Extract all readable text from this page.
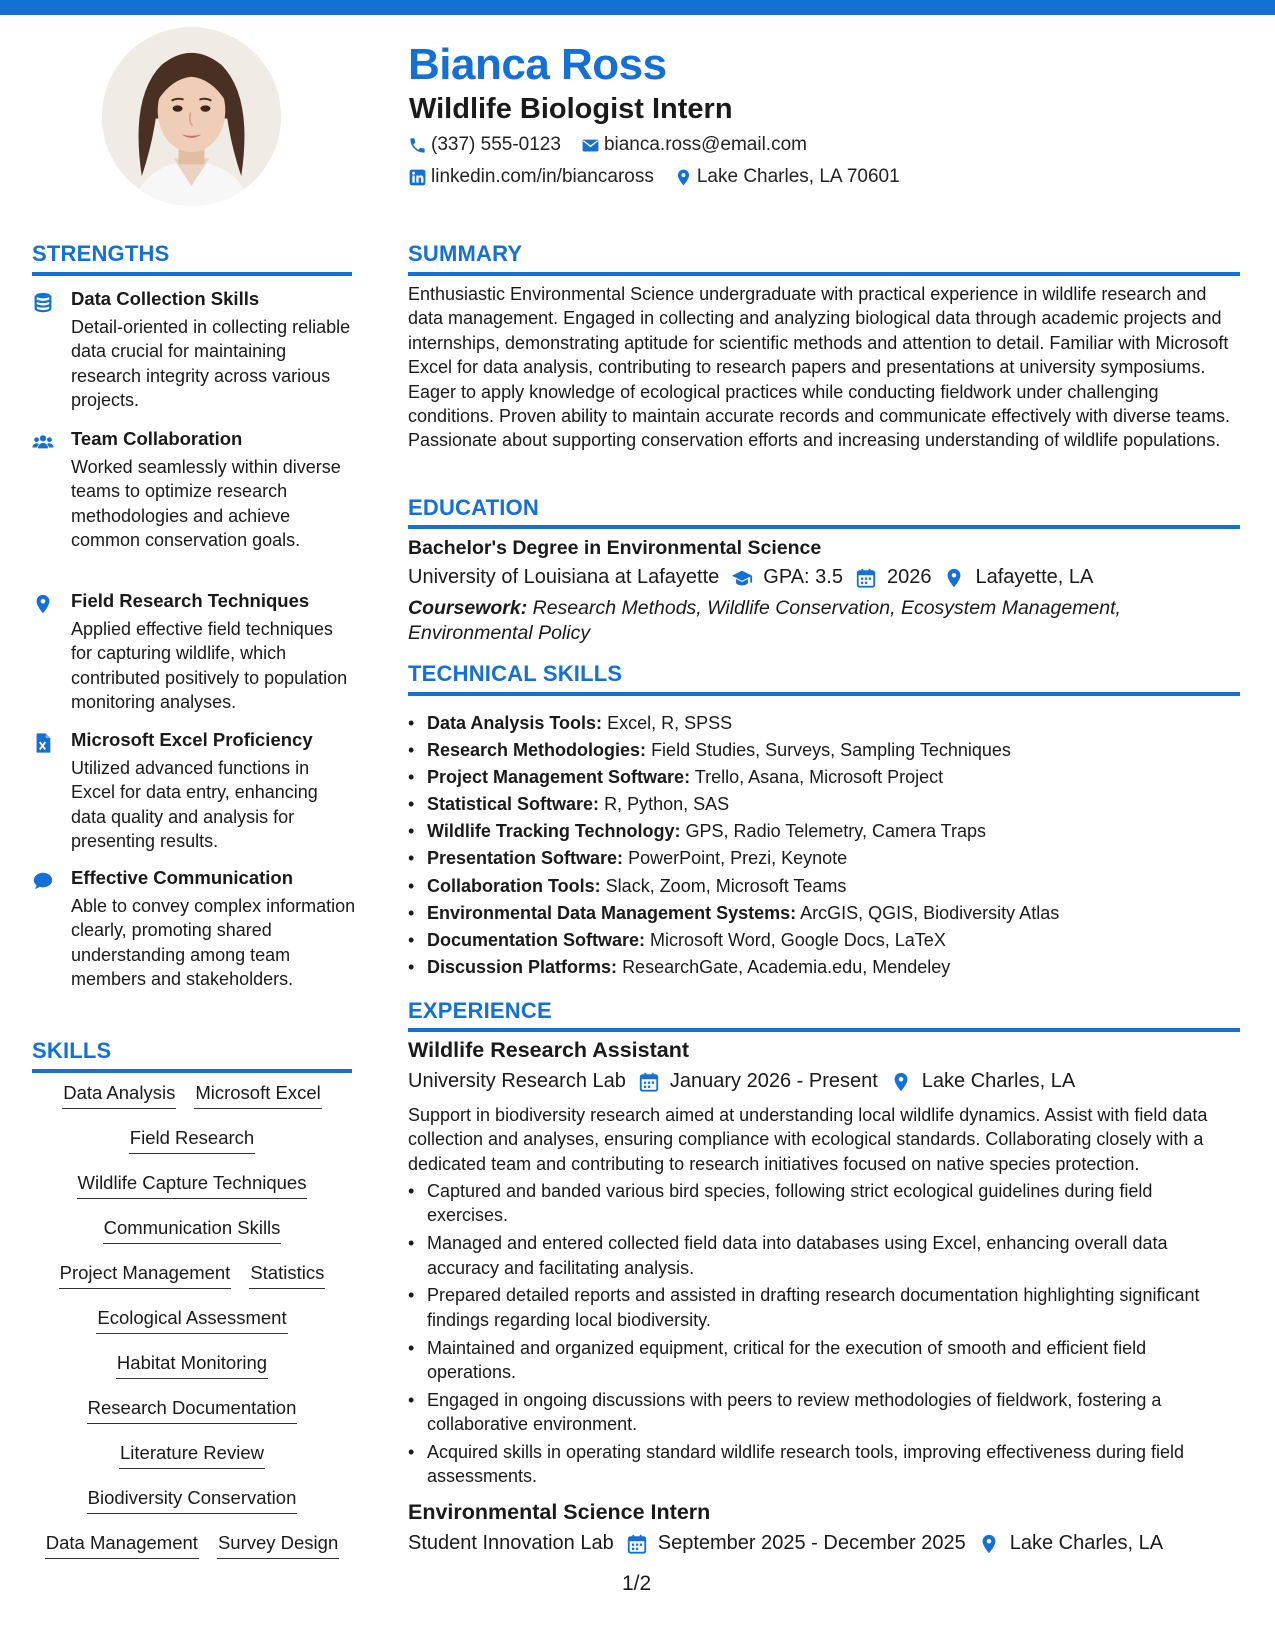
Bianca Ross
Wildlife Biologist Intern
(337) 555-0123 bianca.ross@email.com
linkedin.com/in/biancaross Lake Charles, LA 70601
STRENGTHS
Data Collection Skills
Detail-oriented in collecting reliable data crucial for maintaining research integrity across various projects.
Team Collaboration
Worked seamlessly within diverse teams to optimize research methodologies and achieve common conservation goals.
Field Research Techniques
Applied effective field techniques for capturing wildlife, which contributed positively to population monitoring analyses.
Microsoft Excel Proficiency
Utilized advanced functions in Excel for data entry, enhancing data quality and analysis for presenting results.
Effective Communication
Able to convey complex information clearly, promoting shared understanding among team members and stakeholders.
SKILLS
Data Analysis Microsoft Excel
Field Research
Wildlife Capture Techniques
Communication Skills
Project Management Statistics
Ecological Assessment
Habitat Monitoring
Research Documentation
Literature Review
Biodiversity Conservation
Data Management Survey Design
SUMMARY

Enthusiastic Environmental Science undergraduate with practical experience in wildlife research and data management. Engaged in collecting and analyzing biological data through academic projects and internships, demonstrating aptitude for scientific methods and attention to detail. Familiar with Microsoft Excel for data analysis, contributing to research papers and presentations at university symposiums. Eager to apply knowledge of ecological practices while conducting fieldwork under challenging conditions. Proven ability to maintain accurate records and communicate effectively with diverse teams. Passionate about supporting conservation efforts and increasing understanding of wildlife populations.

EDUCATION

Bachelor's Degree in Environmental Science

University of Louisiana at Lafayette GPA: 3.5 2026 Lafayette, LA

Coursework: Research Methods, Wildlife Conservation, Ecosystem Management, Environmental Policy

TECHNICAL SKILLS
• Data Analysis Tools: Excel, R, SPSS
• Research Methodologies: Field Studies, Surveys, Sampling Techniques
• Project Management Software: Trello, Asana, Microsoft Project
• Statistical Software: R, Python, SAS
• Wildlife Tracking Technology: GPS, Radio Telemetry, Camera Traps
• Presentation Software: PowerPoint, Prezi, Keynote
• Collaboration Tools: Slack, Zoom, Microsoft Teams
• Environmental Data Management Systems: ArcGIS, QGIS, Biodiversity Atlas
• Documentation Software: Microsoft Word, Google Docs, LaTeX
• Discussion Platforms: ResearchGate, Academia.edu, Mendeley
EXPERIENCE

Wildlife Research Assistant

University Research Lab January 2026 - Present Lake Charles, LA

Support in biodiversity research aimed at understanding local wildlife dynamics. Assist with field data collection and analyses, ensuring compliance with ecological standards. Collaborating closely with a dedicated team and contributing to research initiatives focused on native species protection.

• Captured and banded various bird species, following strict ecological guidelines during field exercises.
• Managed and entered collected field data into databases using Excel, enhancing overall data accuracy and facilitating analysis.
• Prepared detailed reports and assisted in drafting research documentation highlighting significant findings regarding local biodiversity.
• Maintained and organized equipment, critical for the execution of smooth and efficient field operations.
• Engaged in ongoing discussions with peers to review methodologies of fieldwork, fostering a collaborative environment.
• Acquired skills in operating standard wildlife research tools, improving effectiveness during field assessments.

Environmental Science Intern

Student Innovation Lab September 2025 - December 2025 Lake Charles, LA
1/2
